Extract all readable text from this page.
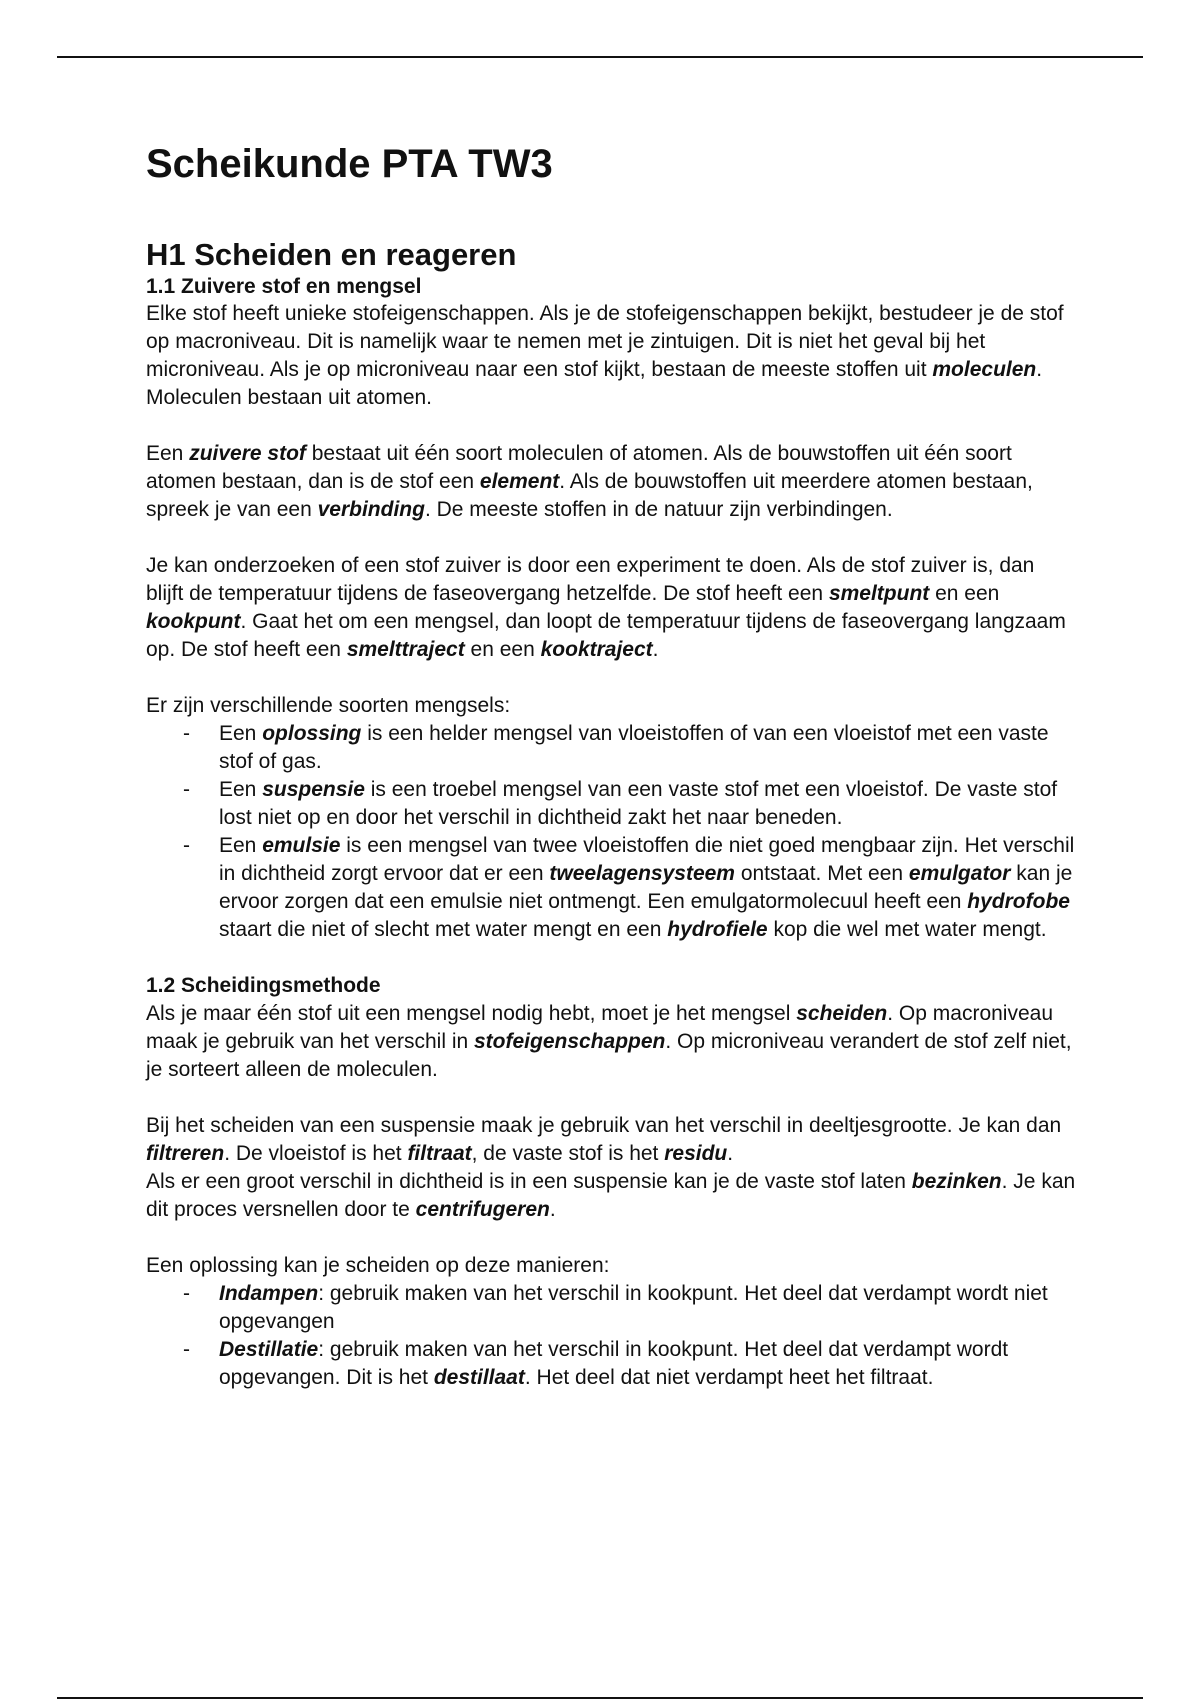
Scheikunde PTA TW3
H1 Scheiden en reageren
1.1 Zuivere stof en mengsel

Elke stof heeft unieke stofeigenschappen. Als je de stofeigenschappen bekijkt, bestudeer je de stof op macroniveau. Dit is namelijk waar te nemen met je zintuigen. Dit is niet het geval bij het microniveau. Als je op microniveau naar een stof kijkt, bestaan de meeste stoffen uit moleculen. Moleculen bestaan uit atomen.

Een zuivere stof bestaat uit één soort moleculen of atomen. Als de bouwstoffen uit één soort atomen bestaan, dan is de stof een element. Als de bouwstoffen uit meerdere atomen bestaan, spreek je van een verbinding. De meeste stoffen in de natuur zijn verbindingen.

Je kan onderzoeken of een stof zuiver is door een experiment te doen. Als de stof zuiver is, dan blijft de temperatuur tijdens de faseovergang hetzelfde. De stof heeft een smeltpunt en een kookpunt. Gaat het om een mengsel, dan loopt de temperatuur tijdens de faseovergang langzaam op. De stof heeft een smelttraject en een kooktraject.

Er zijn verschillende soorten mengsels:

- Een oplossing is een helder mengsel van vloeistoffen of van een vloeistof met een vaste stof of gas.
- Een suspensie is een troebel mengsel van een vaste stof met een vloeistof. De vaste stof lost niet op en door het verschil in dichtheid zakt het naar beneden.
- Een emulsie is een mengsel van twee vloeistoffen die niet goed mengbaar zijn. Het verschil in dichtheid zorgt ervoor dat er een tweelagensysteem ontstaat. Met een emulgator kan je ervoor zorgen dat een emulsie niet ontmengt. Een emulgatormolecuul heeft een hydrofobe staart die niet of slecht met water mengt en een hydrofiele kop die wel met water mengt.
1.2 Scheidingsmethode

Als je maar één stof uit een mengsel nodig hebt, moet je het mengsel scheiden. Op macroniveau maak je gebruik van het verschil in stofeigenschappen. Op microniveau verandert de stof zelf niet, je sorteert alleen de moleculen.

Bij het scheiden van een suspensie maak je gebruik van het verschil in deeltjesgrootte. Je kan dan filtreren. De vloeistof is het filtraat, de vaste stof is het residu.

Als er een groot verschil in dichtheid is in een suspensie kan je de vaste stof laten bezinken. Je kan dit proces versnellen door te centrifugeren.

Een oplossing kan je scheiden op deze manieren:

- Indampen: gebruik maken van het verschil in kookpunt. Het deel dat verdampt wordt niet opgevangen
- Destillatie: gebruik maken van het verschil in kookpunt. Het deel dat verdampt wordt opgevangen. Dit is het destillaat. Het deel dat niet verdampt heet het filtraat.
